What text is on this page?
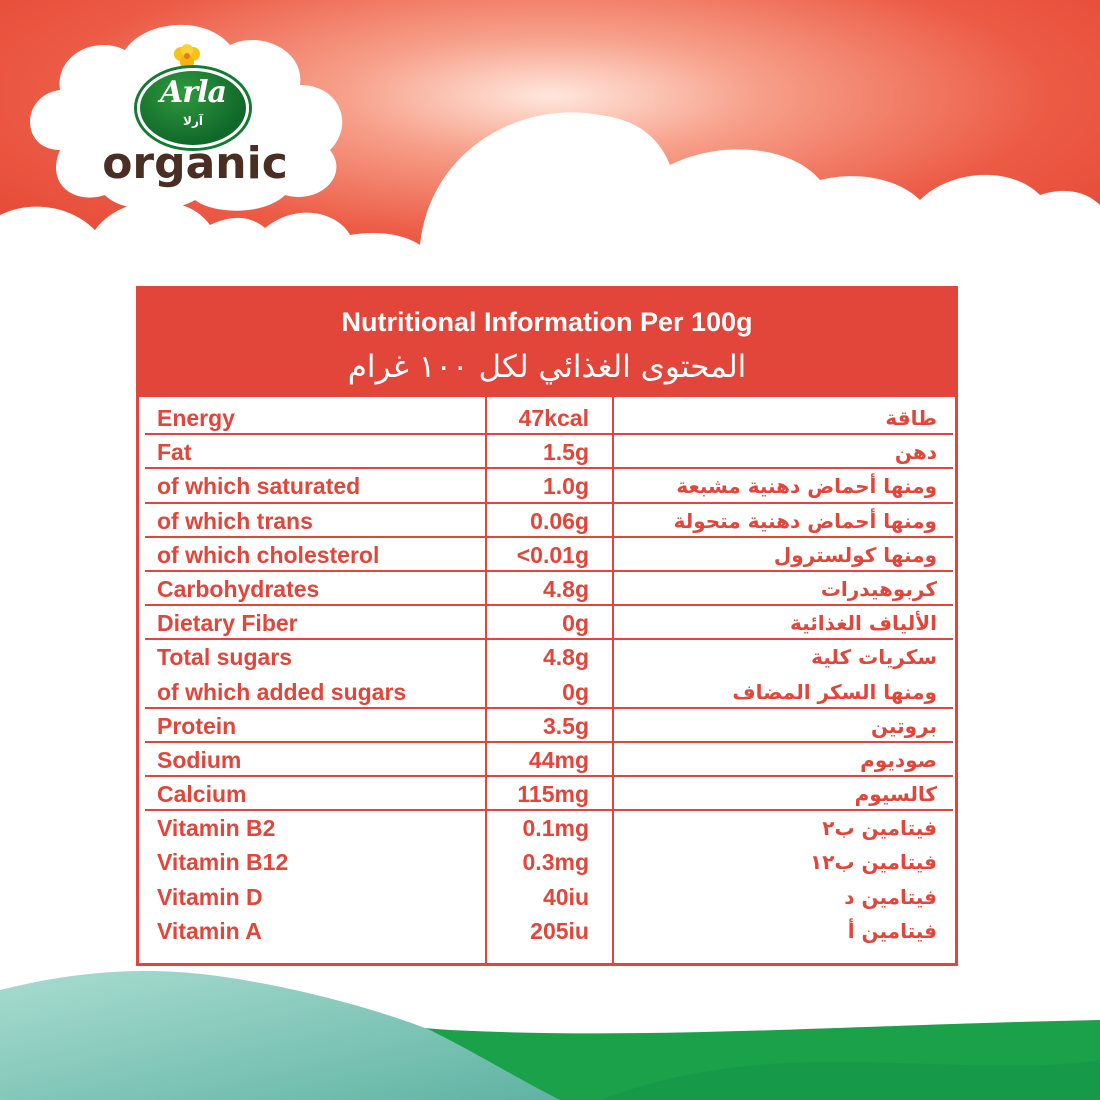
Arla
آرلا
organic
Nutritional Information Per 100g
المحتوى الغذائي لكل ١٠٠ غرام
Energy	47kcal	طاقة
Fat	1.5g	دهن
of which saturated	1.0g	ومنها أحماض دهنية مشبعة
of which trans	0.06g	ومنها أحماض دهنية متحولة
of which cholesterol	<0.01g	ومنها كولسترول
Carbohydrates	4.8g	كربوهيدرات
Dietary Fiber	0g	الألياف الغذائية
Total sugars	4.8g	سكريات كلية
of which added sugars	0g	ومنها السكر المضاف
Protein	3.5g	بروتين
Sodium	44mg	صوديوم
Calcium	115mg	كالسيوم
Vitamin B2	0.1mg	فيتامين ب٢
Vitamin B12	0.3mg	فيتامين ب١٢
Vitamin D	40iu	فيتامين د
Vitamin A	205iu	فيتامين أ
